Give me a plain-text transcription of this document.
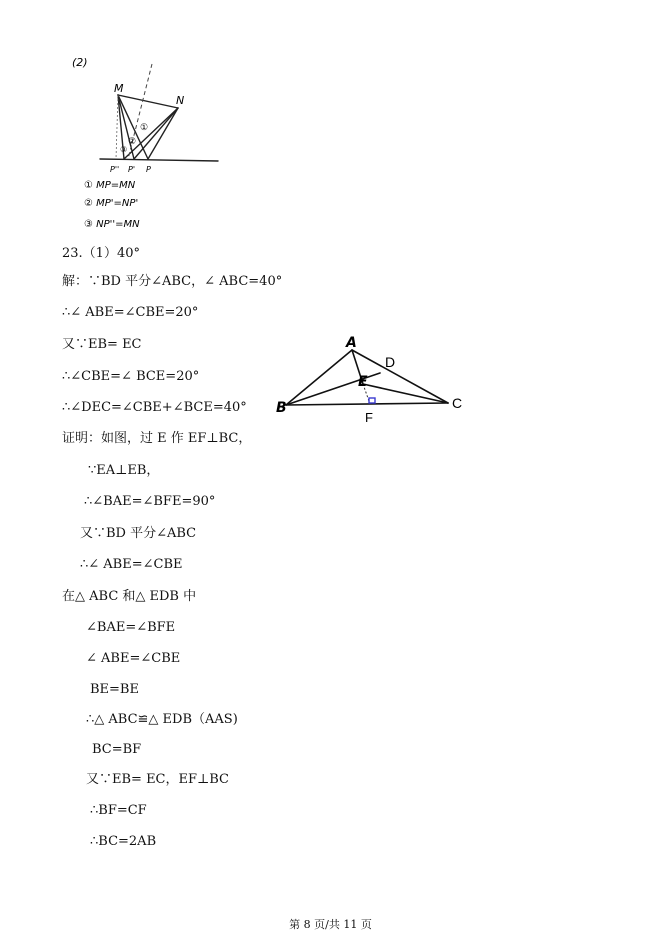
(2)
M
N
①
②
③
P'' P' P
① MP=MN
② MP'=NP'
③ NP''=MN
23.（1）40°
解：∵BD 平分∠ABC，∠ ABC=40°
∴∠ ABE=∠CBE=20°
又∵EB= EC
∴∠CBE=∠ BCE=20°
∴∠DEC=∠CBE+∠BCE=40°
证明：如图，过 E 作 EF⊥BC，
∵EA⊥EB，
∴∠BAE=∠BFE=90°
又∵BD 平分∠ABC
∴∠ ABE=∠CBE
在△ ABC 和△ EDB 中
∠BAE=∠BFE
∠ ABE=∠CBE
BE=BE
∴△ ABC≌△ EDB（AAS)
BC=BF
又∵EB= EC，EF⊥BC
∴BF=CF
∴BC=2AB
A
D
E
B	C
F
第 8 页/共 11 页
